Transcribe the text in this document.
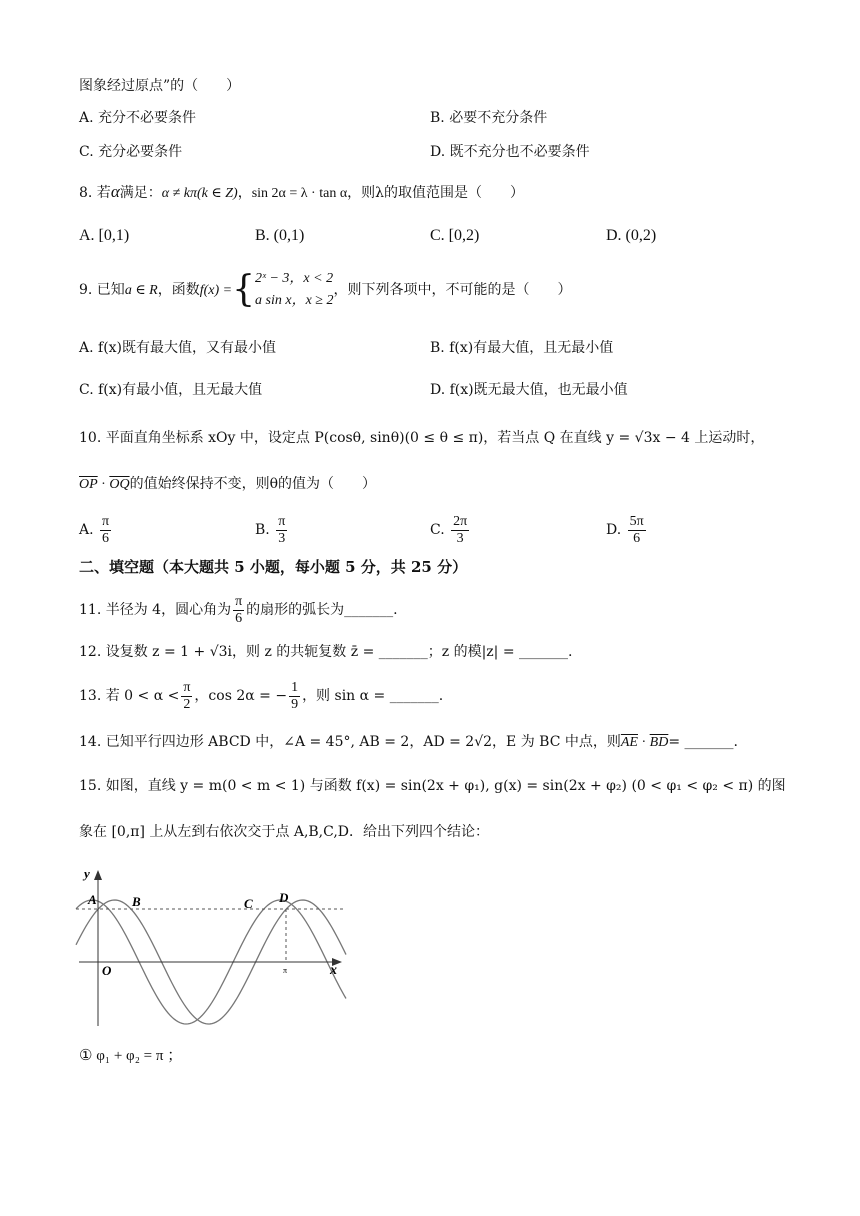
图象经过原点”的（　　）
A. 充分不必要条件	B. 必要不充分条件
C. 充分必要条件	D. 既不充分也不必要条件
8. 若α满足：α ≠ kπ(k ∈ Z)，sin 2α = λ · tan α，则λ的取值范围是（　　）
A. [0,1)	B. (0,1)	C. [0,2)	D. (0,2)
9. 已知a ∈ R，函数f(x) ={ 2ˣ − 3，x < 2
a sin x，x ≥ 2
，则下列各项中，不可能的是（　　）
A. f(x)既有最大值，又有最小值	B. f(x)有最大值，且无最小值
C. f(x)有最小值，且无最大值	D. f(x)既无最大值，也无最小值
10. 平面直角坐标系 xOy 中，设定点 P(cosθ, sinθ)(0 ≤ θ ≤ π)，若当点 Q 在直线 y = √3x − 4 上运动时，
$\overline{OP} \cdot \overline{OQ}$的值始终保持不变，则θ的值为（　　）
A. $\frac{\pi}{6}$	B. $\frac{\pi}{3}$	C. $\frac{2\pi}{3}$	D. $\frac{5\pi}{6}$
二、填空题（本大题共 5 小题，每小题 5 分，共 25 分）
11. 半径为 4，圆心角为 $\frac{\pi}{6}$ 的扇形的弧长为_______.
12. 设复数 z = 1 + √3i，则 z 的共轭复数 z̄ = _______；z 的模|z| = _______.
13. 若 $0 < \alpha < \frac{\pi}{2}$ ，cos 2α = − $\frac{1}{9}$ ，则 sin α = _______.
14. 已知平行四边形 ABCD 中，∠A = 45°, AB = 2，AD = 2√2，E 为 BC 中点，则$\overline{AE} \cdot \overline{BD}=$ _______.
15. 如图，直线 y = m(0 < m < 1) 与函数 f(x) = sin(2x + φ₁), g(x) = sin(2x + φ₂) (0 < φ₁ < φ₂ < π) 的图
象在 [0,π] 上从左到右依次交于点 A,B,C,D．给出下列四个结论：
y
x
O
A	B	C D
π
① φ₁ + φ₂ = π ；
